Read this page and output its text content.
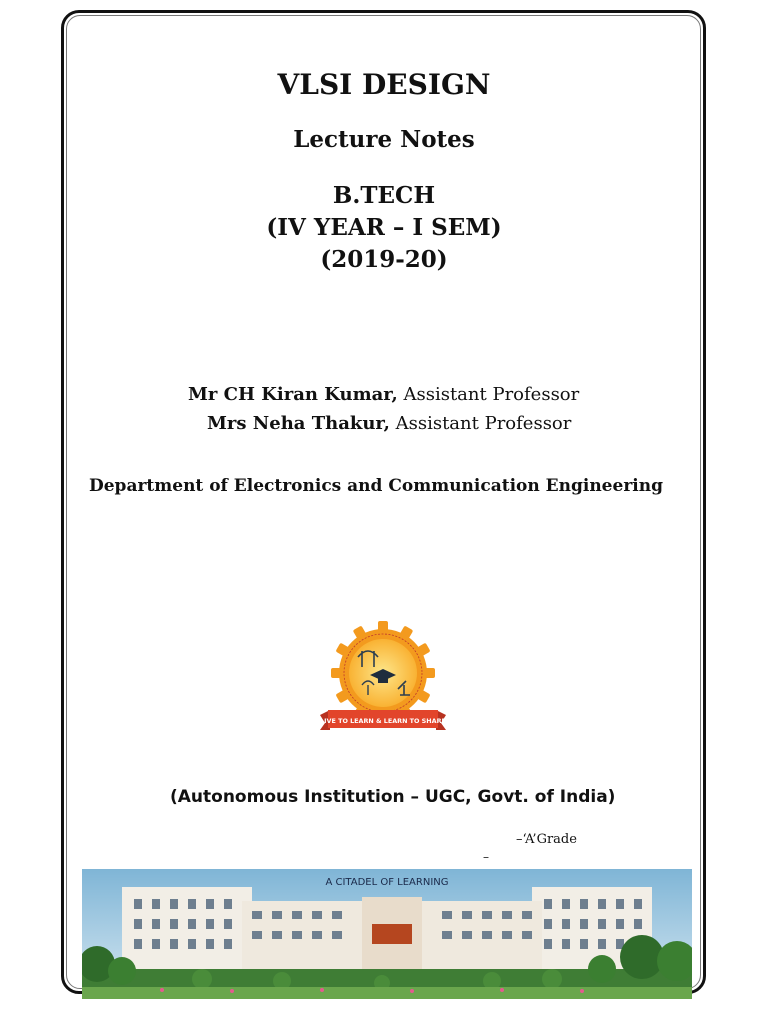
VLSI DESIGN
Lecture Notes
B.TECH
(IV YEAR – I SEM)
(2019-20)
Mr CH Kiran Kumar, Assistant Professor
Mrs Neha Thakur, Assistant Professor
Department of Electronics and Communication Engineering
LIVE TO LEARN & LEARN TO SHARE
(Autonomous Institution – UGC, Govt. of India)
–‘A’Grade
–
A CITADEL OF LEARNING
